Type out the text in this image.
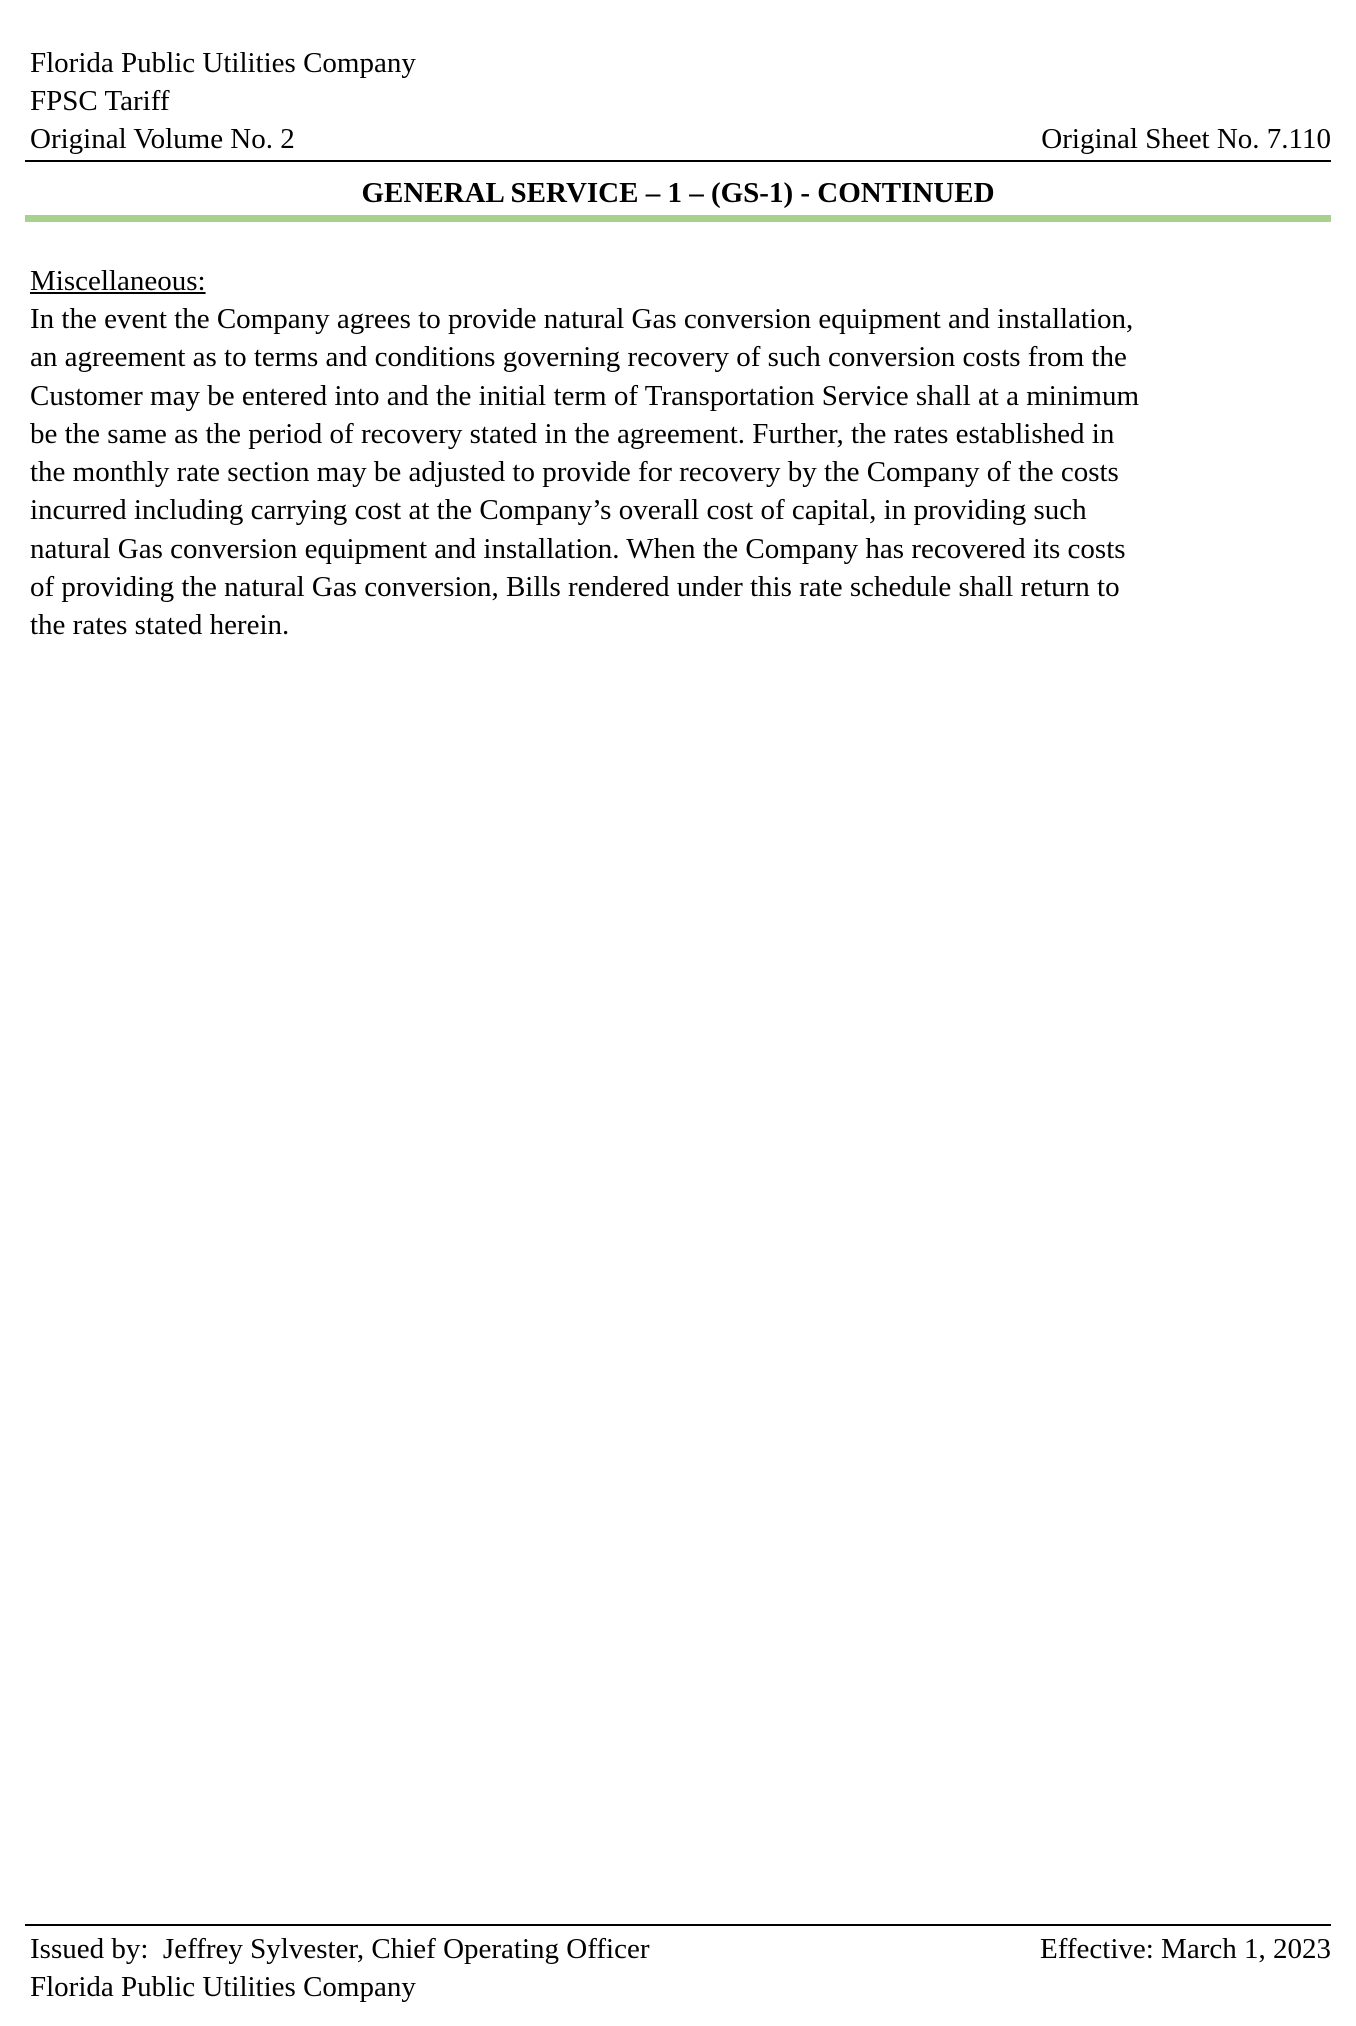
Florida Public Utilities Company
FPSC Tariff
Original Volume No. 2	Original Sheet No. 7.110
GENERAL SERVICE – 1 – (GS-1) - CONTINUED
Miscellaneous:
In the event the Company agrees to provide natural Gas conversion equipment and installation,
an agreement as to terms and conditions governing recovery of such conversion costs from the
Customer may be entered into and the initial term of Transportation Service shall at a minimum
be the same as the period of recovery stated in the agreement. Further, the rates established in
the monthly rate section may be adjusted to provide for recovery by the Company of the costs
incurred including carrying cost at the Company’s overall cost of capital, in providing such
natural Gas conversion equipment and installation. When the Company has recovered its costs
of providing the natural Gas conversion, Bills rendered under this rate schedule shall return to
the rates stated herein.
Issued by:  Jeffrey Sylvester, Chief Operating Officer	Effective: March 1, 2023
Florida Public Utilities Company
